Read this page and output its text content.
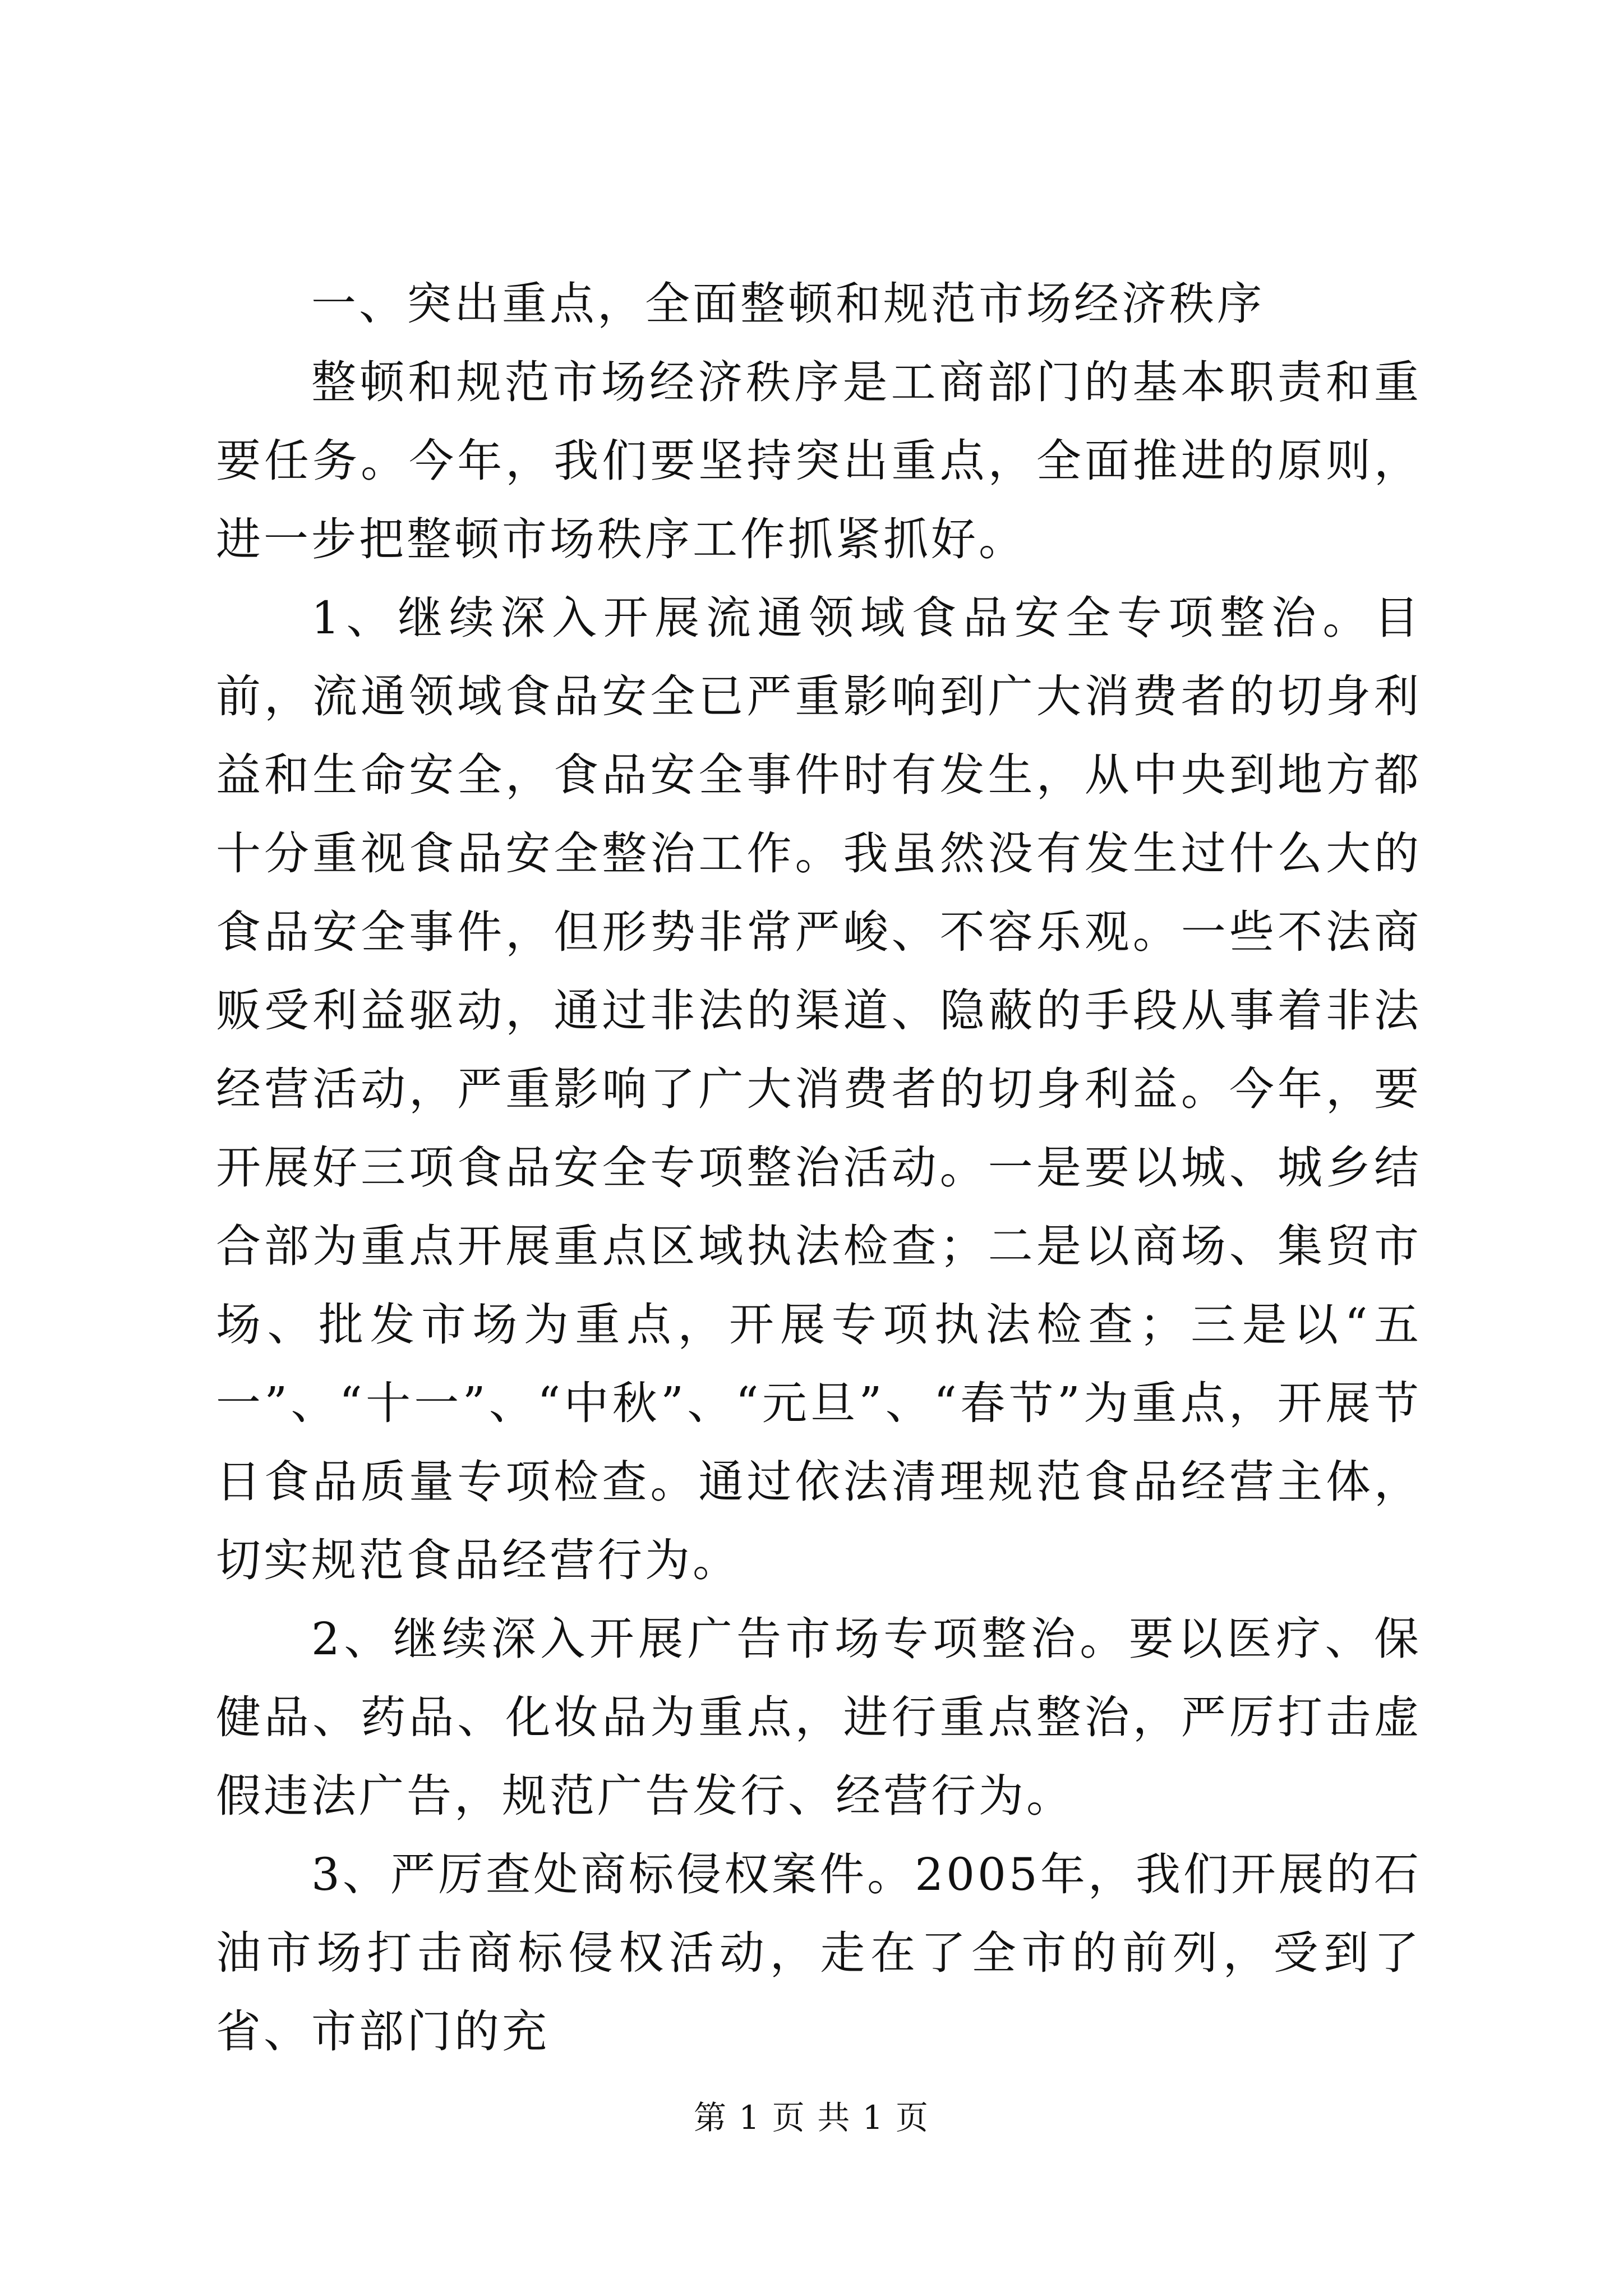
一、突出重点，全面整顿和规范市场经济秩序

整顿和规范市场经济秩序是工商部门的基本职责和重要任务。今年，我们要坚持突出重点，全面推进的原则，进一步把整顿市场秩序工作抓紧抓好。

1、继续深入开展流通领域食品安全专项整治。目前，流通领域食品安全已严重影响到广大消费者的切身利益和生命安全，食品安全事件时有发生，从中央到地方都十分重视食品安全整治工作。我虽然没有发生过什么大的食品安全事件，但形势非常严峻、不容乐观。一些不法商贩受利益驱动，通过非法的渠道、隐蔽的手段从事着非法经营活动，严重影响了广大消费者的切身利益。今年，要开展好三项食品安全专项整治活动。一是要以城、城乡结合部为重点开展重点区域执法检查；二是以商场、集贸市场、批发市场为重点，开展专项执法检查；三是以“五一”、“十一”、“中秋”、“元旦”、“春节”为重点，开展节日食品质量专项检查。通过依法清理规范食品经营主体，切实规范食品经营行为。

2、继续深入开展广告市场专项整治。要以医疗、保健品、药品、化妆品为重点，进行重点整治，严厉打击虚假违法广告，规范广告发行、经营行为。

3、严厉查处商标侵权案件。2005年，我们开展的石油市场打击商标侵权活动，走在了全市的前列，受到了省、市部门的充

第 1 页 共 1 页
